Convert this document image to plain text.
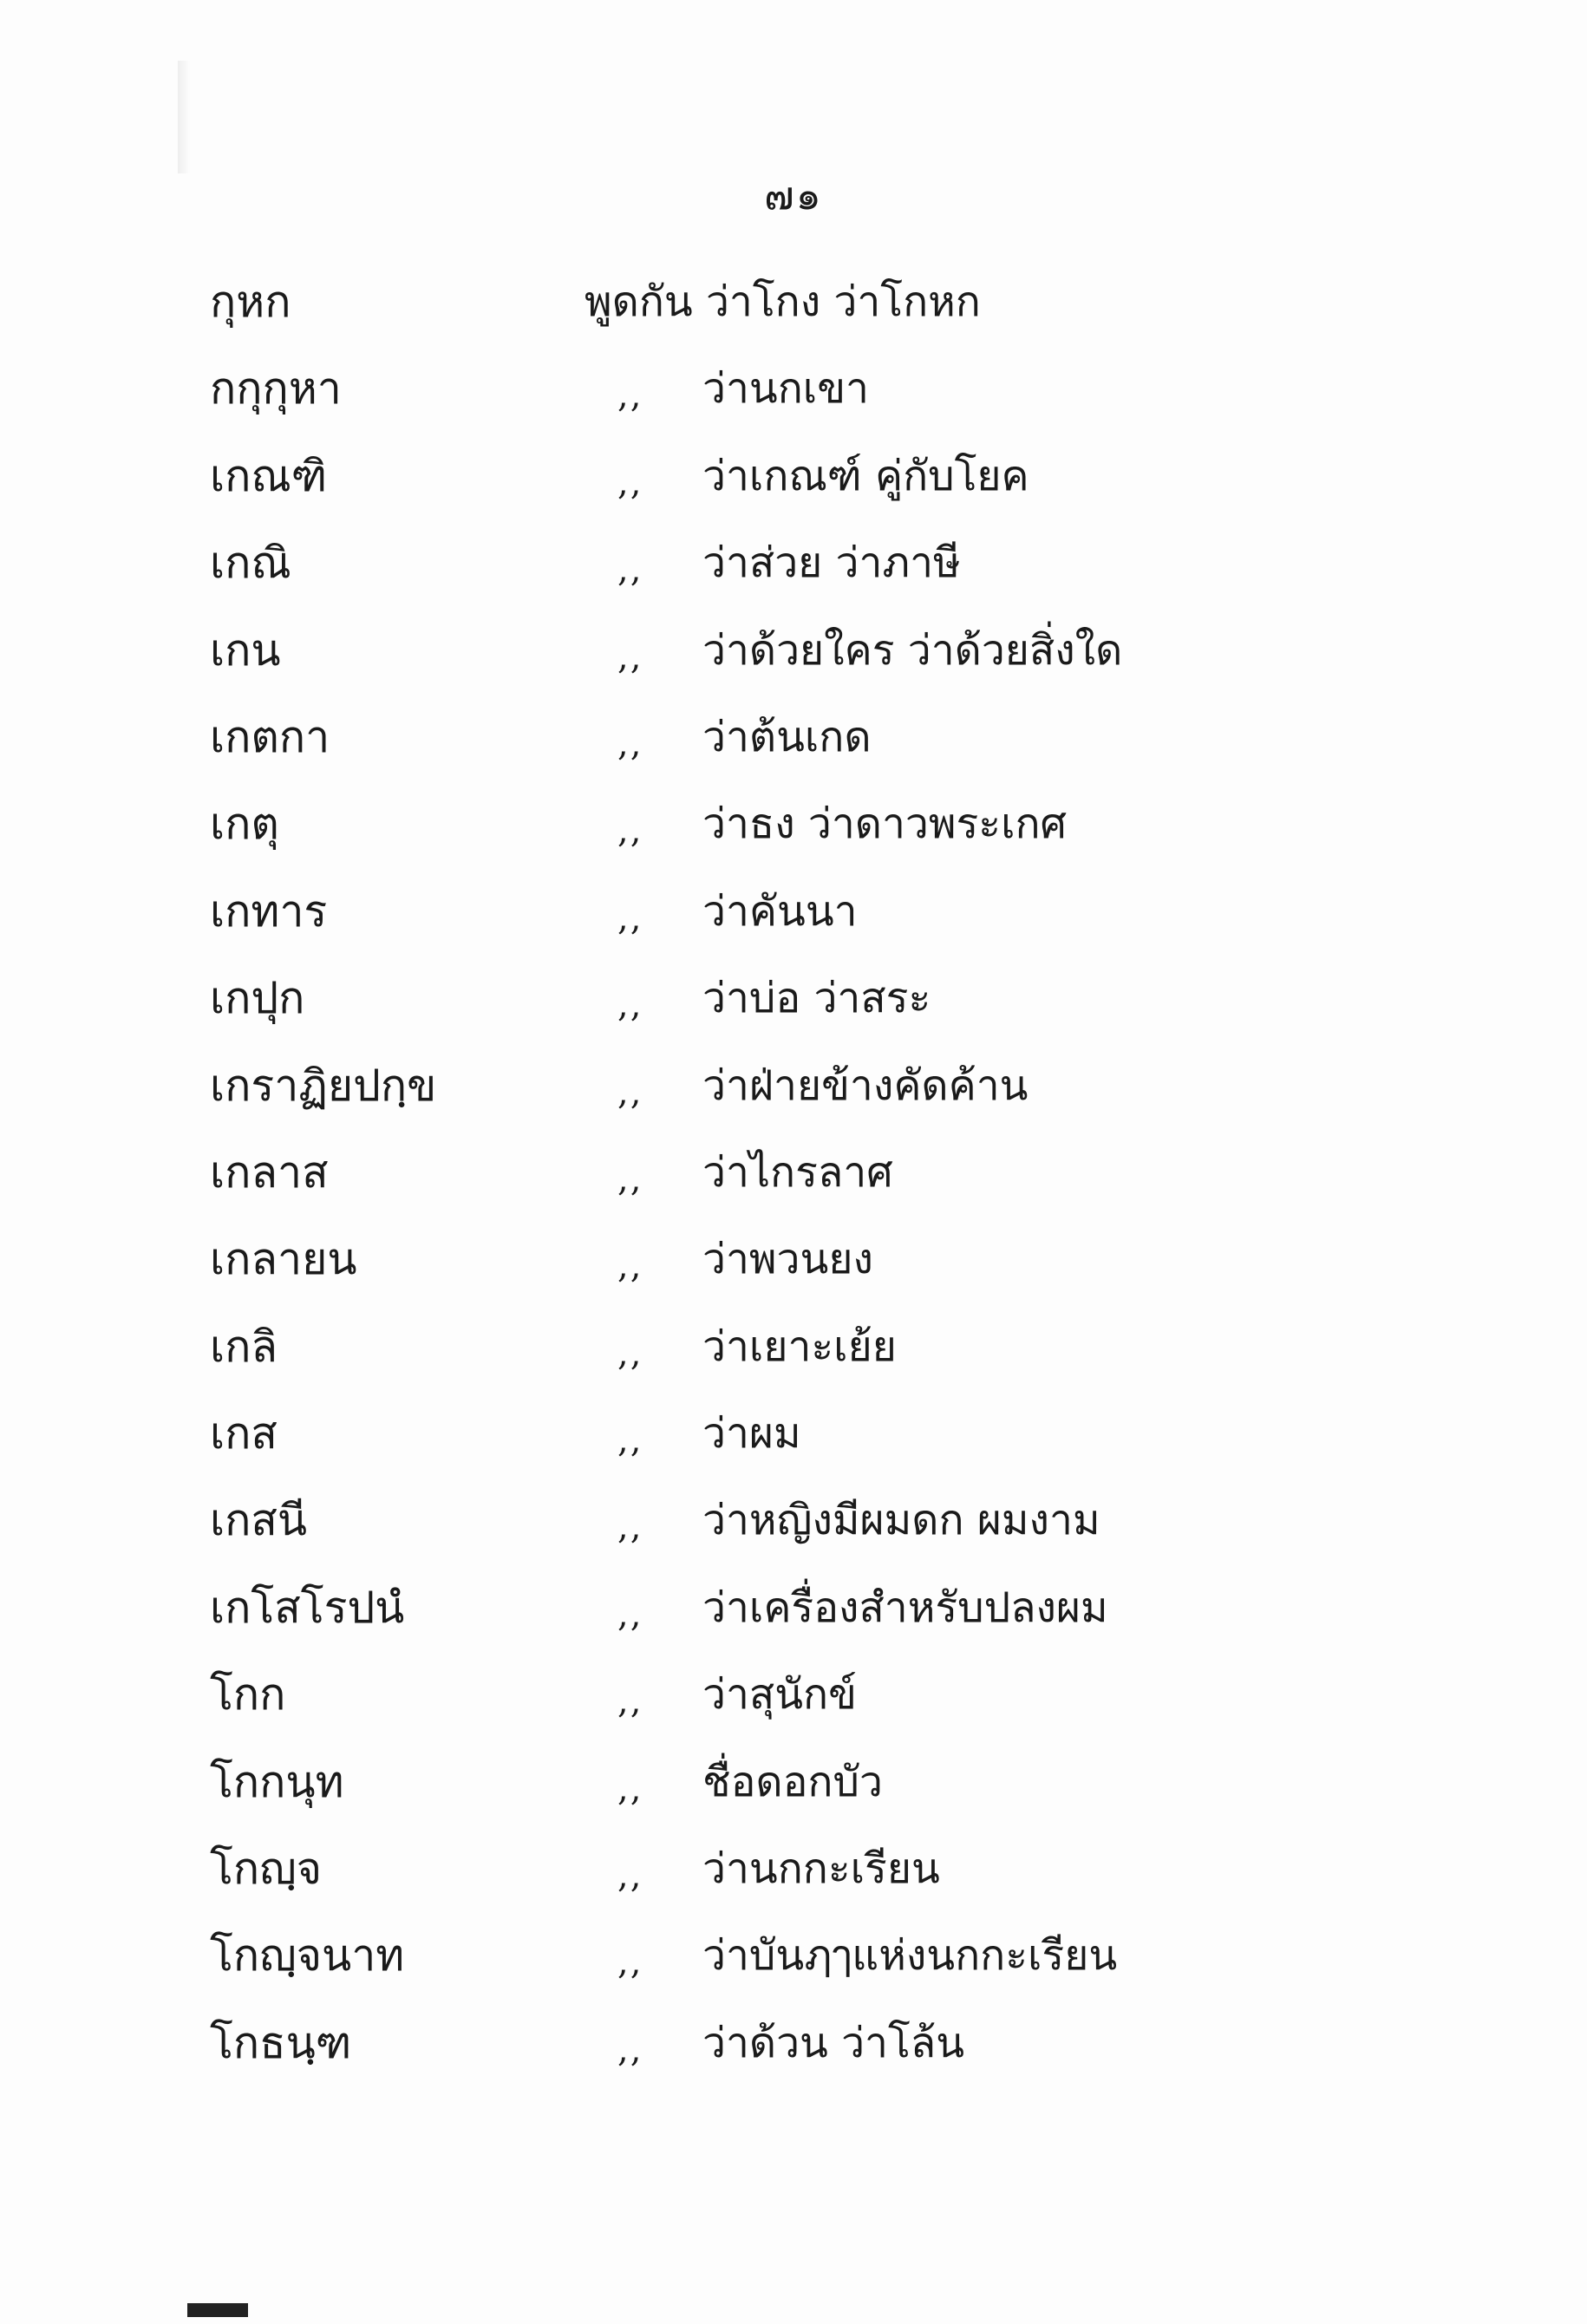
๗๑
กุหก	พูดกัน ว่าโกง ว่าโกหก
กกุกุหา	,, ว่านกเขา
เกณฑิ	,, ว่าเกณฑ์ คู่กับโยค
เกณิ	,, ว่าส่วย ว่าภาษี
เกน	,, ว่าด้วยใคร ว่าด้วยสิ่งใด
เกตกา	,, ว่าต้นเกด
เกตุ	,, ว่าธง ว่าดาวพระเกศ
เกทาร	,, ว่าคันนา
เกปุก	,, ว่าบ่อ ว่าสระ
เกราฏิยปกฺข	,, ว่าฝ่ายข้างคัดค้าน
เกลาส	,, ว่าไกรลาศ
เกลายน	,, ว่าพวนยง
เกลิ	,, ว่าเยาะเย้ย
เกส	,, ว่าผม
เกสนี	,, ว่าหญิงมีผมดก ผมงาม
เกโสโรปนํ	,, ว่าเครื่องสำหรับปลงผม
โกก	,, ว่าสุนักข์
โกกนุท	,, ชื่อดอกบัว
โกญฺจ	,, ว่านกกะเรียน
โกญฺจนาท	,, ว่าบันฦๅแห่งนกกะเรียน
โกธนฺฑ	,, ว่าด้วน ว่าโล้น
